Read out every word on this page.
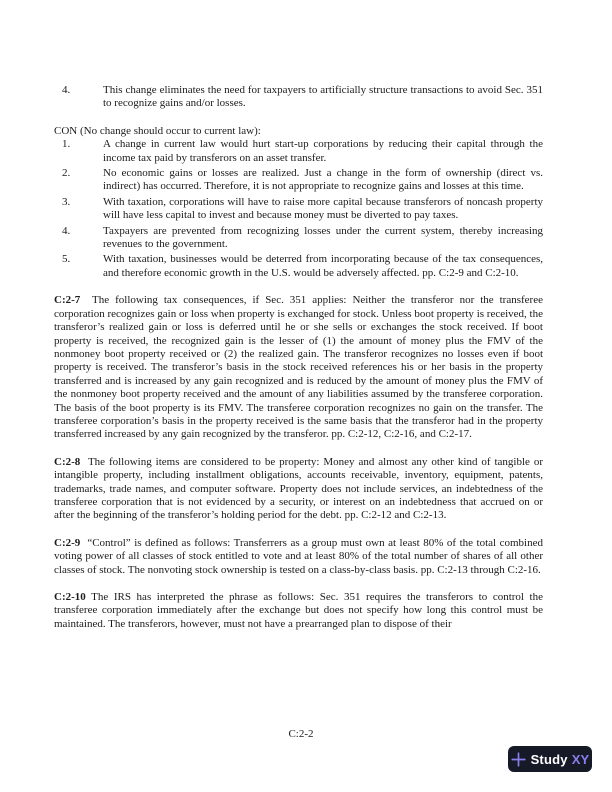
4.	This change eliminates the need for taxpayers to artificially structure transactions to avoid Sec. 351 to recognize gains and/or losses.

CON (No change should occur to current law):

1.	A change in current law would hurt start-up corporations by reducing their capital through the income tax paid by transferors on an asset transfer.
2.	No economic gains or losses are realized. Just a change in the form of ownership (direct vs. indirect) has occurred. Therefore, it is not appropriate to recognize gains and losses at this time.
3.	With taxation, corporations will have to raise more capital because transferors of noncash property will have less capital to invest and because money must be diverted to pay taxes.
4.	Taxpayers are prevented from recognizing losses under the current system, thereby increasing revenues to the government.
5.	With taxation, businesses would be deterred from incorporating because of the tax consequences, and therefore economic growth in the U.S. would be adversely affected. pp. C:2-9 and C:2-10.

C:2-7 The following tax consequences, if Sec. 351 applies: Neither the transferor nor the transferee corporation recognizes gain or loss when property is exchanged for stock. Unless boot property is received, the transferor’s realized gain or loss is deferred until he or she sells or exchanges the stock received. If boot property is received, the recognized gain is the lesser of (1) the amount of money plus the FMV of the nonmoney boot property received or (2) the realized gain. The transferor recognizes no losses even if boot property is received. The transferor’s basis in the stock received references his or her basis in the property transferred and is increased by any gain recognized and is reduced by the amount of money plus the FMV of the nonmoney boot property received and the amount of any liabilities assumed by the transferee corporation. The basis of the boot property is its FMV. The transferee corporation recognizes no gain on the transfer. The transferee corporation’s basis in the property received is the same basis that the transferor had in the property transferred increased by any gain recognized by the transferor. pp. C:2-12, C:2-16, and C:2-17.

C:2-8 The following items are considered to be property: Money and almost any other kind of tangible or intangible property, including installment obligations, accounts receivable, inventory, equipment, patents, trademarks, trade names, and computer software. Property does not include services, an indebtedness of the transferee corporation that is not evidenced by a security, or interest on an indebtedness that accrued on or after the beginning of the transferor’s holding period for the debt. pp. C:2-12 and C:2-13.

C:2-9 “Control” is defined as follows: Transferrers as a group must own at least 80% of the total combined voting power of all classes of stock entitled to vote and at least 80% of the total number of shares of all other classes of stock. The nonvoting stock ownership is tested on a class-by-class basis. pp. C:2-13 through C:2-16.

C:2-10 The IRS has interpreted the phrase as follows: Sec. 351 requires the transferors to control the transferee corporation immediately after the exchange but does not specify how long this control must be maintained. The transferors, however, must not have a prearranged plan to dispose of their

C:2-2
Study XY
